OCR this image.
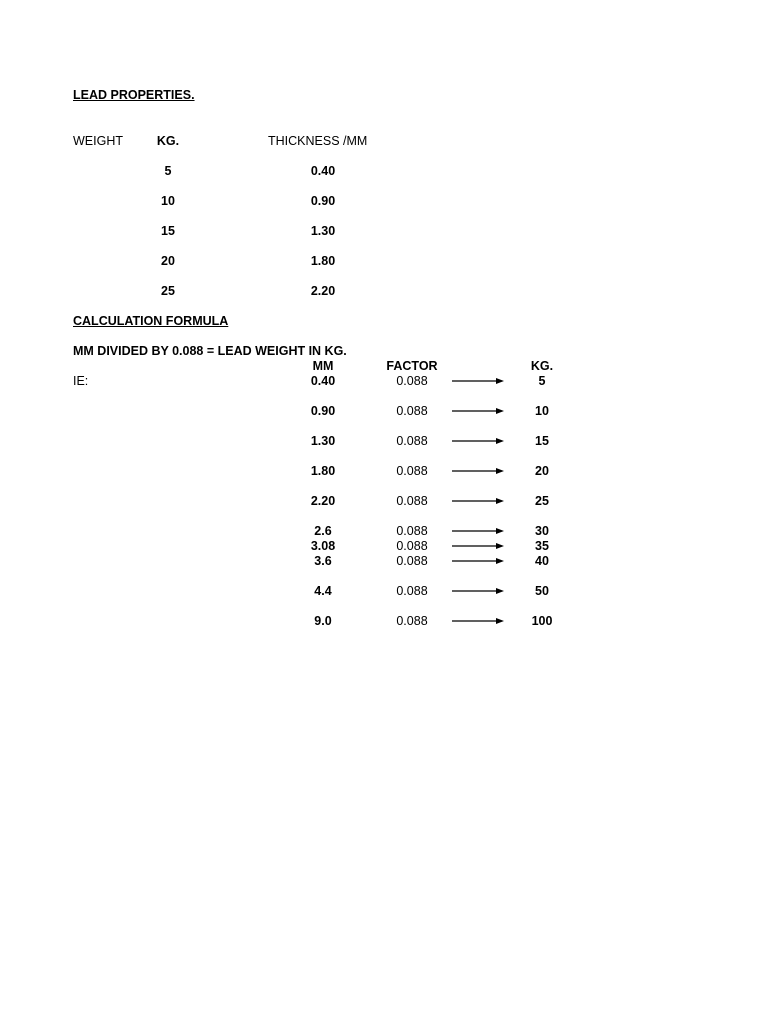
LEAD PROPERTIES.
WEIGHT	KG.	THICKNESS /MM
5	0.40
10	0.90
15	1.30
20	1.80
25	2.20
CALCULATION FORMULA
MM DIVIDED BY 0.088 = LEAD WEIGHT IN KG.
MM	FACTOR	KG.
IE:	0.40	0.088	5
0.90	0.088	10
1.30	0.088	15
1.80	0.088	20
2.20	0.088	25
2.6	0.088	30
3.08	0.088	35
3.6	0.088	40
4.4	0.088	50
9.0	0.088	100
